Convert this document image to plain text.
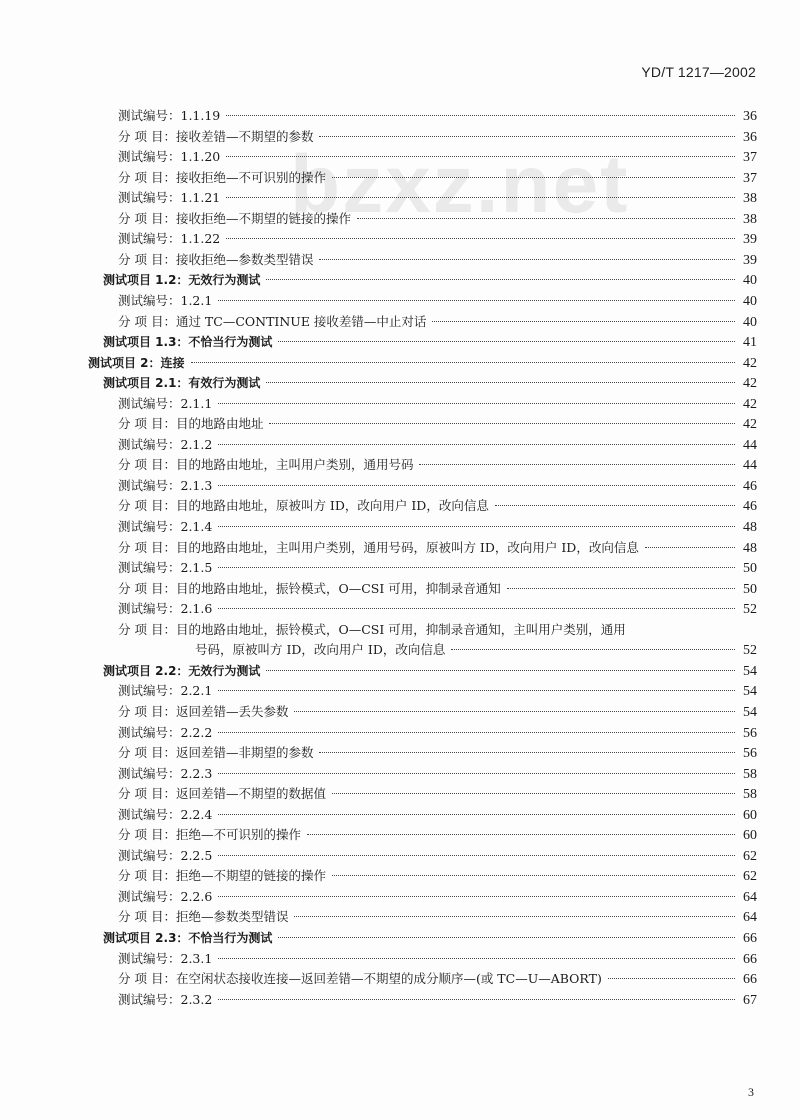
YD/T 1217—2002
bzxz.net
测试编号：1.1.19	36
分 项 目：接收差错—不期望的参数	36
测试编号：1.1.20	37
分 项 目：接收拒绝—不可识别的操作	37
测试编号：1.1.21	38
分 项 目：接收拒绝—不期望的链接的操作	38
测试编号：1.1.22	39
分 项 目：接收拒绝—参数类型错误	39
测试项目 1.2：无效行为测试	40
测试编号：1.2.1	40
分 项 目：通过 TC—CONTINUE 接收差错—中止对话	40
测试项目 1.3：不恰当行为测试	41
测试项目 2：连接	42
测试项目 2.1：有效行为测试	42
测试编号：2.1.1	42
分 项 目：目的地路由地址	42
测试编号：2.1.2	44
分 项 目：目的地路由地址，主叫用户类别，通用号码	44
测试编号：2.1.3	46
分 项 目：目的地路由地址，原被叫方 ID，改向用户 ID，改向信息	46
测试编号：2.1.4	48
分 项 目：目的地路由地址，主叫用户类别，通用号码，原被叫方 ID，改向用户 ID，改向信息	48
测试编号：2.1.5	50
分 项 目：目的地路由地址，振铃模式，O—CSI 可用，抑制录音通知	50
测试编号：2.1.6	52
分 项 目：目的地路由地址，振铃模式，O—CSI 可用，抑制录音通知，主叫用户类别，通用
号码，原被叫方 ID，改向用户 ID，改向信息	52
测试项目 2.2：无效行为测试	54
测试编号：2.2.1	54
分 项 目：返回差错—丢失参数	54
测试编号：2.2.2	56
分 项 目：返回差错—非期望的参数	56
测试编号：2.2.3	58
分 项 目：返回差错—不期望的数据值	58
测试编号：2.2.4	60
分 项 目：拒绝—不可识别的操作	60
测试编号：2.2.5	62
分 项 目：拒绝—不期望的链接的操作	62
测试编号：2.2.6	64
分 项 目：拒绝—参数类型错误	64
测试项目 2.3：不恰当行为测试	66
测试编号：2.3.1	66
分 项 目：在空闲状态接收连接—返回差错—不期望的成分顺序—(或 TC—U—ABORT)	66
测试编号：2.3.2	67
3
